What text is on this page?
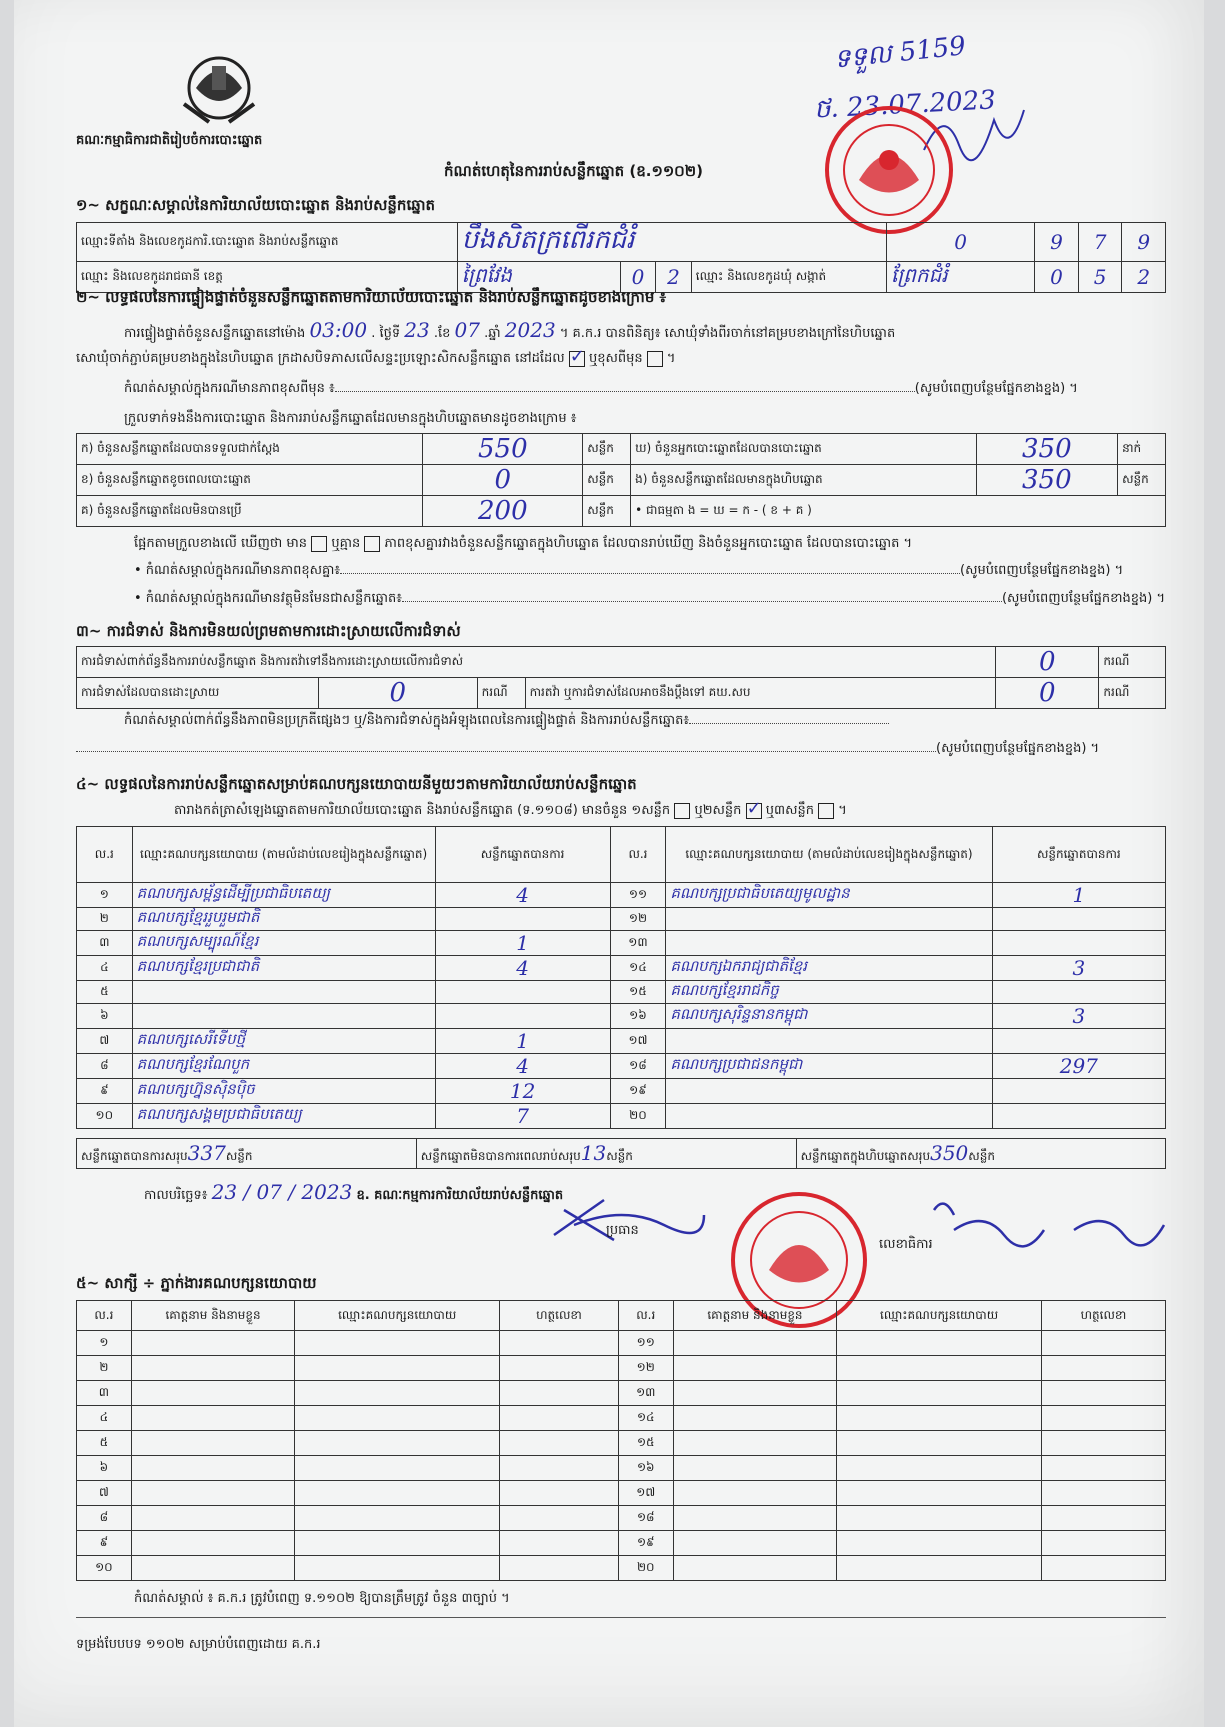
គណៈកម្មាធិការជាតិរៀបចំការបោះឆ្នោត
កំណត់ហេតុនៃការរាប់សន្លឹកឆ្នោត (ឧ.១១០២)
ទទួល 5159
ថ. 23.07.2023
១~ សក្ខណៈសម្គាល់នៃការិយាល័យបោះឆ្នោត និងរាប់សន្លឹកឆ្នោត
ឈ្មោះទីតាំង និងលេខកូដការិ.បោះឆ្នោត និងរាប់សន្លឹកឆ្នោត	បឹងសិតក្រពើរកជំរំ				0	9	7	9
ឈ្មោះ និងលេខកូដរាជធានី ខេត្ត	ព្រៃវែង	0	2	ឈ្មោះ និងលេខកូដឃុំ សង្កាត់	ព្រែកជំរំ	0	5	2
២~ លទ្ធផលនៃការផ្ទៀងផ្ទាត់ចំនួនសន្លឹកឆ្នោតតាមការិយាល័យបោះឆ្នោត និងរាប់សន្លឹកឆ្នោតដូចខាងក្រោម ៖
ការផ្ទៀងផ្ទាត់ចំនួនសន្លឹកឆ្នោតនៅម៉ោង 03:00 . ថ្ងៃទី 23 .ខែ 07 .ឆ្នាំ 2023 ។ គ.ក.រ បានពិនិត្យ៖ សោឃុំទាំងពីរចាក់នៅគម្របខាងក្រៅនៃហិបឆ្នោត
សោឃុំចាក់ភ្ជាប់គម្របខាងក្នុងនៃហិបឆ្នោត ក្រដាសបិទភាសលើសន្ទះប្រឡោះសិកសន្លឹកឆ្នោត នៅដដែល ✓ ឬខុសពីមុន  ។
កំណត់សម្គាល់ក្នុងករណីមានភាពខុសពីមុន ៖	(សូមបំពេញបន្ថែមផ្នែកខាងខ្នង) ។
ក្រួលទាក់ទងនឹងការបោះឆ្នោត និងការរាប់សន្លឹកឆ្នោតដែលមានក្នុងហិបឆ្នោតមានដូចខាងក្រោម ៖
ក) ចំនួនសន្លឹកឆ្នោតដែលបានទទួលជាក់ស្តែង	550	សន្លឹក	ឃ) ចំនួនអ្នកបោះឆ្នោតដែលបានបោះឆ្នោត	350	នាក់
ខ) ចំនួនសន្លឹកឆ្នោតខូចពេលបោះឆ្នោត	0	សន្លឹក	ង) ចំនួនសន្លឹកឆ្នោតដែលមានក្នុងហិបឆ្នោត	350	សន្លឹក
គ) ចំនួនសន្លឹកឆ្នោតដែលមិនបានប្រើ	200	សន្លឹក	• ជាធម្មតា ង = ឃ = ក - ( ខ + គ )		
ផ្អែកតាមក្រួលខាងលើ ឃើញថា មាន ឬគ្មាន ភាពខុសគ្នារវាងចំនួនសន្លឹកឆ្នោតក្នុងហិបឆ្នោត ដែលបានរាប់ឃើញ និងចំនួនអ្នកបោះឆ្នោត ដែលបានបោះឆ្នោត ។
• កំណត់សម្គាល់ក្នុងករណីមានភាពខុសគ្នា៖	(សូមបំពេញបន្ថែមផ្នែកខាងខ្នង) ។
• កំណត់សម្គាល់ក្នុងករណីមានវត្ថុមិនមែនជាសន្លឹកឆ្នោត៖	(សូមបំពេញបន្ថែមផ្នែកខាងខ្នង) ។
៣~ ការជំទាស់ និងការមិនយល់ព្រមតាមការដោះស្រាយលើការជំទាស់
ការជំទាស់ពាក់ព័ន្ធនឹងការរាប់សន្លឹកឆ្នោត និងការតវ៉ាទៅនឹងការដោះស្រាយលើការជំទាស់				0	ករណី
ការជំទាស់ដែលបានដោះស្រាយ	0	ករណី	ការតវ៉ា ឬការជំទាស់ដែលអាចនឹងប្តឹងទៅ គឃ.សប	0	ករណី
កំណត់សម្គាល់ពាក់ព័ន្ធនឹងភាពមិនប្រក្រតីផ្សេងៗ ឬ/និងការជំទាស់ក្នុងអំឡុងពេលនៃការផ្ទៀងផ្ទាត់ និងការរាប់សន្លឹកឆ្នោត៖
(សូមបំពេញបន្ថែមផ្នែកខាងខ្នង) ។
៤~ លទ្ធផលនៃការរាប់សន្លឹកឆ្នោតសម្រាប់គណបក្សនយោបាយនីមួយៗតាមការិយាល័យរាប់សន្លឹកឆ្នោត
តារាងកត់ត្រាសំឡេងឆ្នោតតាមការិយាល័យបោះឆ្នោត និងរាប់សន្លឹកឆ្នោត (ទ.១១០៨) មានចំនួន ១សន្លឹក ឬ២សន្លឹក ✓ ឬ៣សន្លឹក  ។
ល.រ	ឈ្មោះគណបក្សនយោបាយ (តាមលំដាប់លេខរៀងក្នុងសន្លឹកឆ្នោត)	សន្លឹកឆ្នោតបានការ	ល.រ	ឈ្មោះគណបក្សនយោបាយ (តាមលំដាប់លេខរៀងក្នុងសន្លឹកឆ្នោត)	សន្លឹកឆ្នោតបានការ
១	គណបក្សសម្ព័ន្ធដើម្បីប្រជាធិបតេយ្យ	4	១១	គណបក្សប្រជាធិបតេយ្យមូលដ្ឋាន	1
២	គណបក្សខ្មែររួបរួមជាតិ		១២		
៣	គណបក្សសម្បុរណ៍ខ្មែរ	1	១៣		
៤	គណបក្សខ្មែរប្រជាជាតិ	4	១៤	គណបក្សឯករាជ្យជាតិខ្មែរ	3
៥			១៥	គណបក្សខ្មែររាជកិច្ច	
៦			១៦	គណបក្សសុរិន្ទនានកម្ពុជា	3
៧	គណបក្សសេរីទើបថ្មី	1	១៧		
៨	គណបក្សខ្មែរណែបួក	4	១៨	គណបក្សប្រជាជនកម្ពុជា	297
៩	គណបក្សហ្វ៊ុនស៊ិនប៉ិច	12	១៩		
១០	គណបក្សសង្គមប្រជាធិបតេយ្យ	7	២០		
សន្លឹកឆ្នោតបានការសរុប337សន្លឹក	សន្លឹកឆ្នោតមិនបានការពេលរាប់សរុប13សន្លឹក	សន្លឹកឆ្នោតក្នុងហិបឆ្នោតសរុប350សន្លឹក
កាលបរិច្ឆេទ៖ 23 / 07 / 2023 ឧ. គណៈកម្មការការិយាល័យរាប់សន្លឹកឆ្នោត
ប្រធាន
លេខាធិការ
៥~ សាក្សី ÷ ភ្នាក់ងារគណបក្សនយោបាយ
ល.រ	គោត្តនាម និងនាមខ្លួន	ឈ្មោះគណបក្សនយោបាយ	ហត្ថលេខា	ល.រ	គោត្តនាម និងនាមខ្លួន	ឈ្មោះគណបក្សនយោបាយ	ហត្ថលេខា
១				១១			
២				១២			
៣				១៣			
៤				១៤			
៥				១៥			
៦				១៦			
៧				១៧			
៨				១៨			
៩				១៩			
១០				២០			
កំណត់សម្គាល់ ៖ គ.ក.រ ត្រូវបំពេញ ទ.១១០២ ឱ្យបានត្រឹមត្រូវ ចំនួន ៣ច្បាប់ ។
ទម្រង់បែបបទ ១១០២ សម្រាប់បំពេញដោយ គ.ក.រ
